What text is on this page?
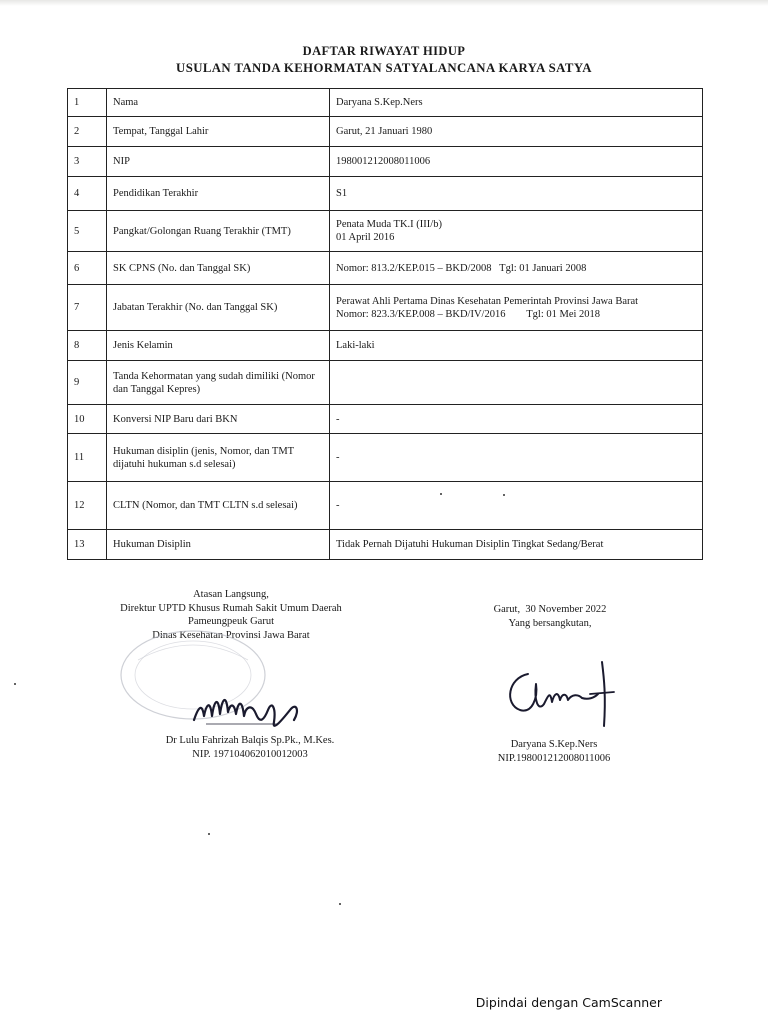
DAFTAR RIWAYAT HIDUP
USULAN TANDA KEHORMATAN SATYALANCANA KARYA SATYA
1	Nama	Daryana S.Kep.Ners
2	Tempat, Tanggal Lahir	Garut, 21 Januari 1980
3	NIP	198001212008011006
4	Pendidikan Terakhir	S1
5	Pangkat/Golongan Ruang Terakhir (TMT)	Penata Muda TK.I (III/b)
01 April 2016

6	SK CPNS (No. dan Tanggal SK)	Nomor: 813.2/KEP.015 – BKD/2008   Tgl: 01 Januari 2008
7	Jabatan Terakhir (No. dan Tanggal SK)	Perawat Ahli Pertama Dinas Kesehatan Pemerintah Provinsi Jawa Barat
Nomor: 823.3/KEP.008 – BKD/IV/2016        Tgl: 01 Mei 2018

8	Jenis Kelamin	Laki-laki
9	Tanda Kehormatan yang sudah dimiliki (Nomor dan Tanggal Kepres)	
10	Konversi NIP Baru dari BKN	-
11	Hukuman disiplin (jenis, Nomor, dan TMT dijatuhi hukuman s.d selesai)	-
12	CLTN (Nomor, dan TMT CLTN s.d selesai)	-
13	Hukuman Disiplin	Tidak Pernah Dijatuhi Hukuman Disiplin Tingkat Sedang/Berat
Atasan Langsung,
Direktur UPTD Khusus Rumah Sakit Umum Daerah
Pameungpeuk Garut
Dinas Kesehatan Provinsi Jawa Barat
Dr Lulu Fahrizah Balqis Sp.Pk., M.Kes.
NIP. 197104062010012003
Garut,  30 November 2022
Yang bersangkutan,
Daryana S.Kep.Ners
NIP.198001212008011006
Dipindai dengan CamScanner
